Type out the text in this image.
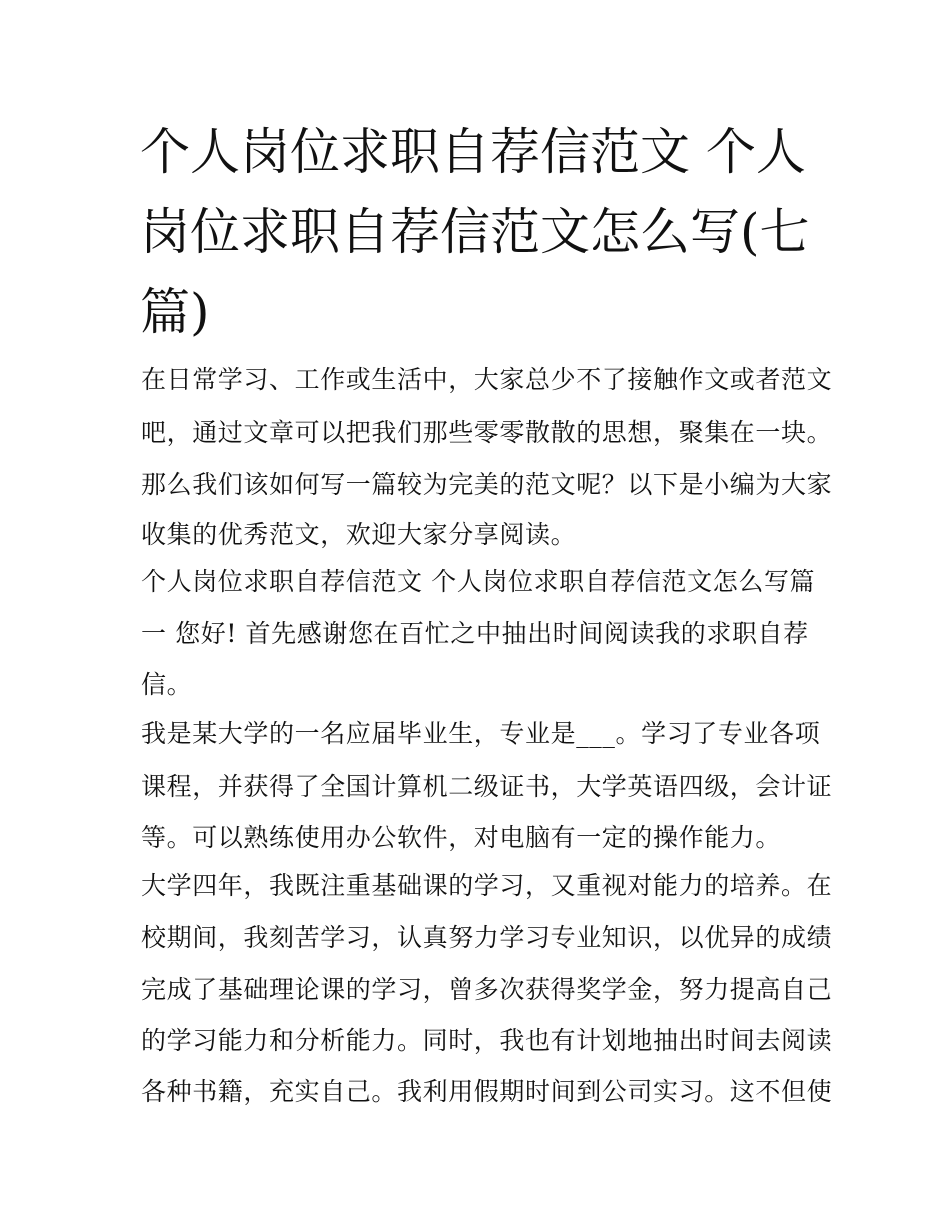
个人岗位求职自荐信范文 个人岗位求职自荐信范文怎么写(七篇)

在日常学习、工作或生活中，大家总少不了接触作文或者范文

吧，通过文章可以把我们那些零零散散的思想，聚集在一块。

那么我们该如何写一篇较为完美的范文呢？以下是小编为大家

收集的优秀范文，欢迎大家分享阅读。

个人岗位求职自荐信范文 个人岗位求职自荐信范文怎么写篇

一 您好! 首先感谢您在百忙之中抽出时间阅读我的求职自荐

信。

我是某大学的一名应届毕业生，专业是___。学习了专业各项

课程，并获得了全国计算机二级证书，大学英语四级，会计证

等。可以熟练使用办公软件，对电脑有一定的操作能力。

大学四年，我既注重基础课的学习，又重视对能力的培养。在

校期间，我刻苦学习，认真努力学习专业知识，以优异的成绩

完成了基础理论课的学习，曾多次获得奖学金，努力提高自己

的学习能力和分析能力。同时，我也有计划地抽出时间去阅读

各种书籍，充实自己。我利用假期时间到公司实习。这不但使
